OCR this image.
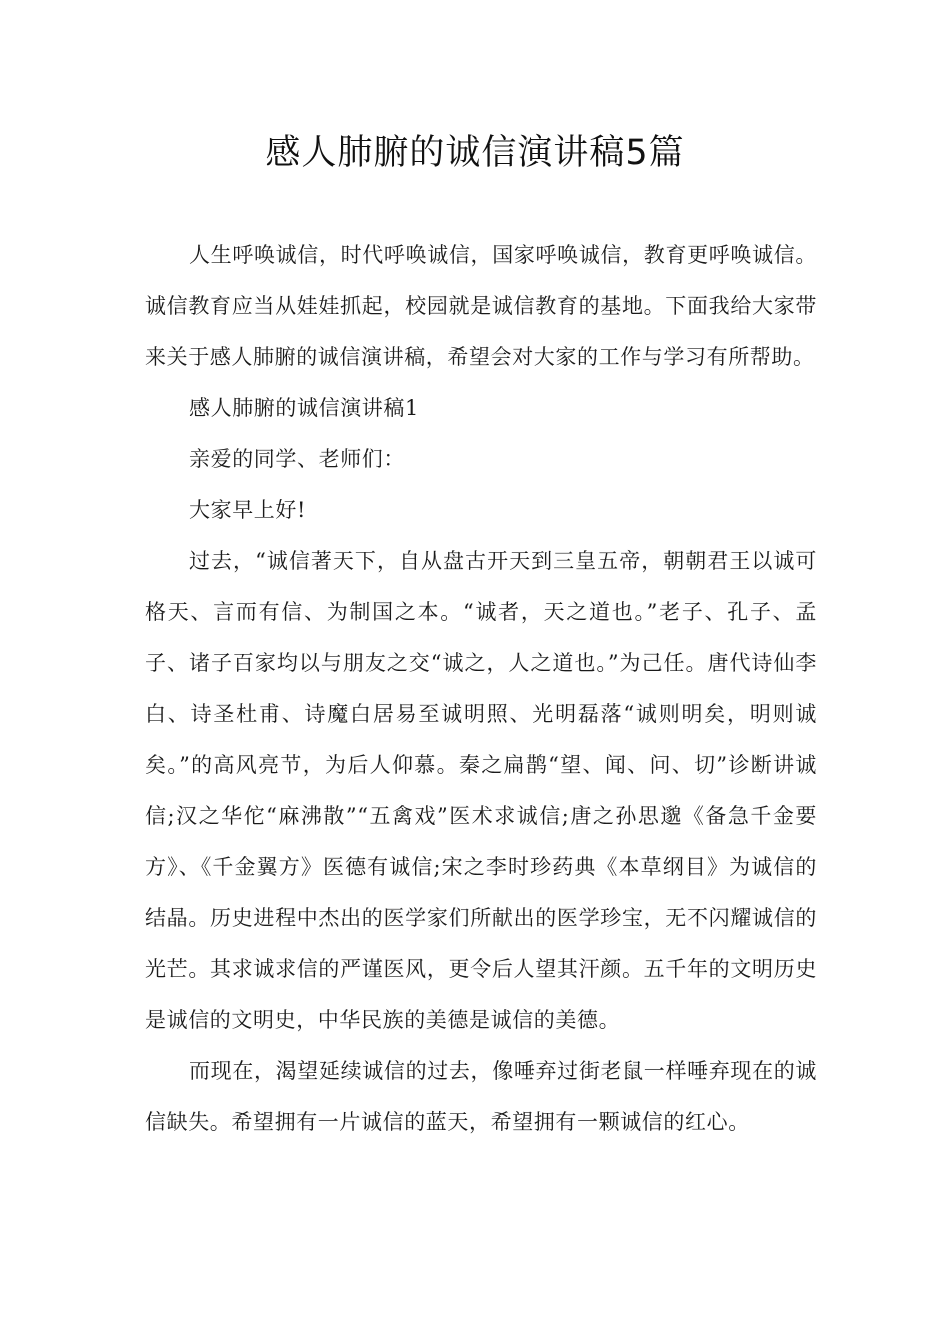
感人肺腑的诚信演讲稿5篇

人生呼唤诚信，时代呼唤诚信，国家呼唤诚信，教育更呼唤诚信。诚信教育应当从娃娃抓起，校园就是诚信教育的基地。下面我给大家带来关于感人肺腑的诚信演讲稿，希望会对大家的工作与学习有所帮助。

感人肺腑的诚信演讲稿1

亲爱的同学、老师们：

大家早上好!

过去，“诚信著天下，自从盘古开天到三皇五帝，朝朝君王以诚可格天、言而有信、为制国之本。“诚者，天之道也。”老子、孔子、孟子、诸子百家均以与朋友之交“诚之，人之道也。”为己任。唐代诗仙李白、诗圣杜甫、诗魔白居易至诚明照、光明磊落“诚则明矣，明则诚矣。”的高风亮节，为后人仰慕。秦之扁鹊“望、闻、问、切”诊断讲诚信;汉之华佗“麻沸散”“五禽戏”医术求诚信;唐之孙思邈《备急千金要方》、《千金翼方》医德有诚信;宋之李时珍药典《本草纲目》为诚信的结晶。历史进程中杰出的医学家们所献出的医学珍宝，无不闪耀诚信的光芒。其求诚求信的严谨医风，更令后人望其汗颜。五千年的文明历史是诚信的文明史，中华民族的美德是诚信的美德。

而现在，渴望延续诚信的过去，像唾弃过街老鼠一样唾弃现在的诚信缺失。希望拥有一片诚信的蓝天，希望拥有一颗诚信的红心。
